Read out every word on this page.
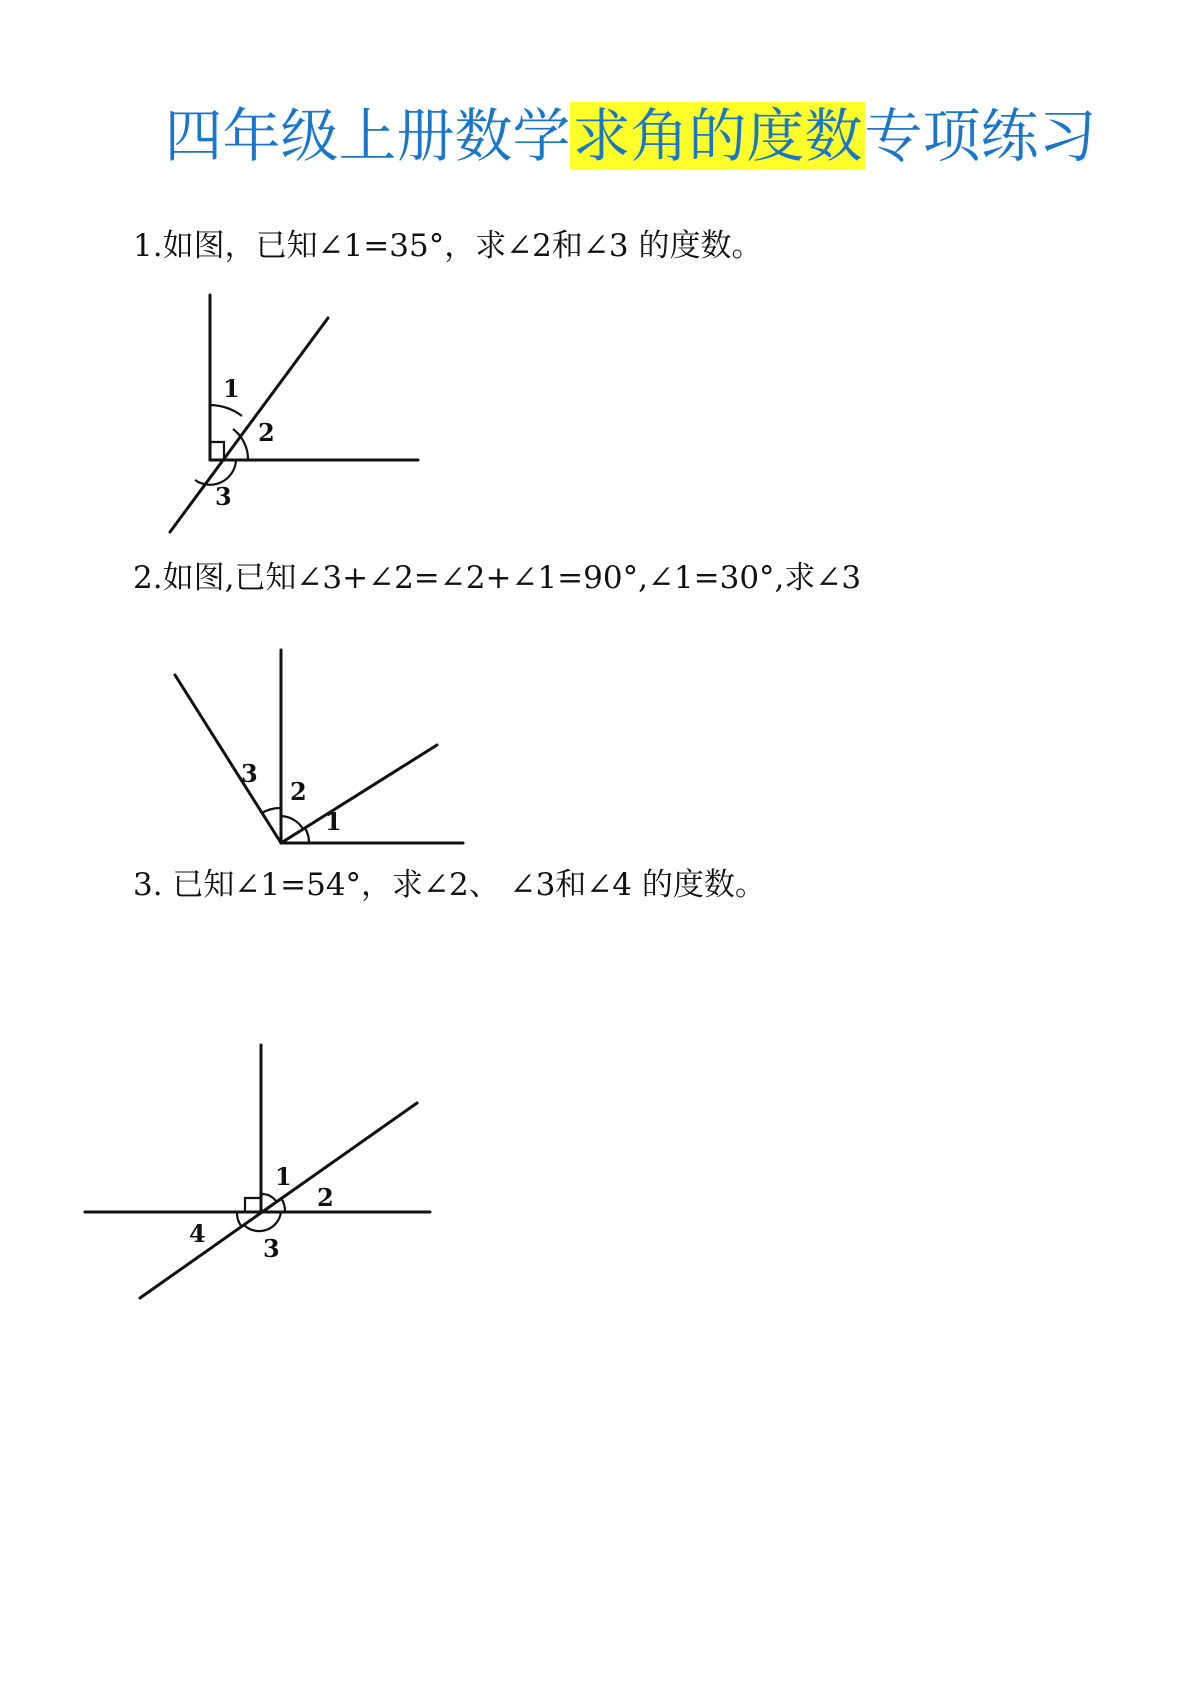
四年级上册数学求角的度数专项练习
1.如图，已知∠1=35°，求∠2和∠3 的度数。
1
2
3
2.如图,已知∠3+∠2=∠2+∠1=90°,∠1=30°,求∠3
3
2
1
3. 已知∠1=54°，求∠2、 ∠3和∠4 的度数。
1
2
3
4
